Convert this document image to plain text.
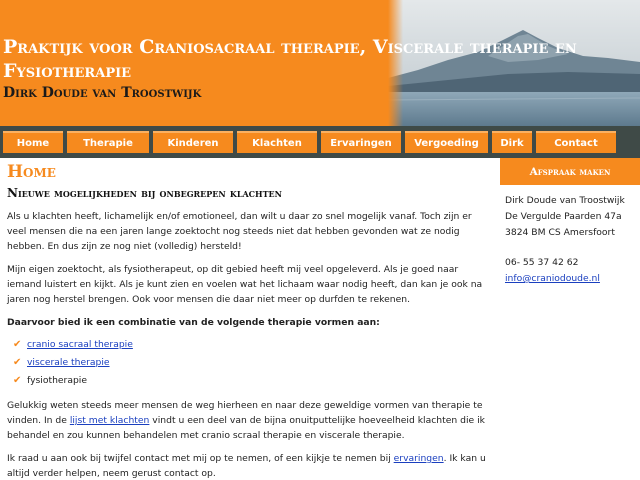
Praktijk voor Craniosacraal therapie, Viscerale therapie en Fysiotherapie
Dirk Doude van Troostwijk
Home	Therapie	Kinderen	Klachten	Ervaringen	Vergoeding	Dirk	Contact
Home
Nieuwe mogelijkheden bij onbegrepen klachten

Als u klachten heeft, lichamelijk en/of emotioneel, dan wilt u daar zo snel mogelijk vanaf. Toch zijn er veel mensen die na een jaren lange zoektocht nog steeds niet dat hebben gevonden wat ze nodig hebben. En dus zijn ze nog niet (volledig) hersteld!

Mijn eigen zoektocht, als fysiotherapeut, op dit gebied heeft mij veel opgeleverd. Als je goed naar iemand luistert en kijkt. Als je kunt zien en voelen wat het lichaam waar nodig heeft, dan kan je ook na jaren nog herstel brengen. Ook voor mensen die daar niet meer op durfden te rekenen.

Daarvoor bied ik een combinatie van de volgende therapie vormen aan:

✔ cranio sacraal therapie
✔ viscerale therapie
✔ fysiotherapie

Gelukkig weten steeds meer mensen de weg hierheen en naar deze geweldige vormen van therapie te vinden. In de lijst met klachten vindt u een deel van de bijna onuitputtelijke hoeveelheid klachten die ik behandel en zou kunnen behandelen met cranio scraal therapie en viscerale therapie.

Ik raad u aan ook bij twijfel contact met mij op te nemen, of een kijkje te nemen bij ervaringen. Ik kan u altijd verder helpen, neem gerust contact op.

Afspraak maken
Dirk Doude van Troostwijk
De Vergulde Paarden 47a
3824 BM CS Amersfoort
06- 55 37 42 62
info@craniodoude.nl
